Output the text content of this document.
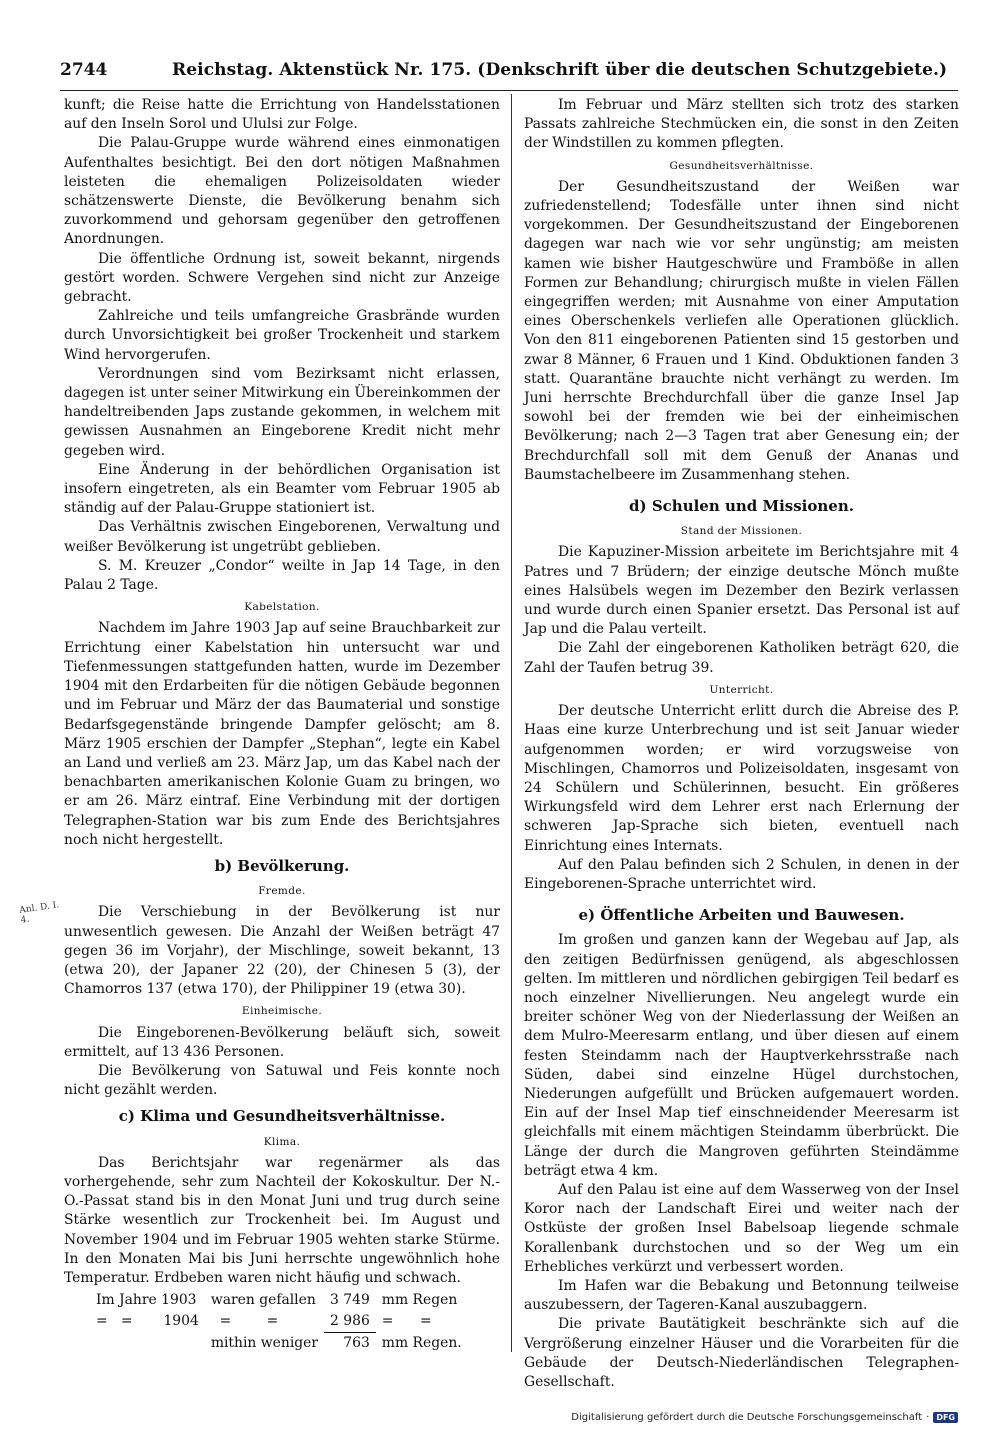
2744	Reichstag. Aktenstück Nr. 175. (Denkschrift über die deutschen Schutzgebiete.)
Anl. D. I. 4.

kunft; die Reise hatte die Errichtung von Handelsstationen auf den Inseln Sorol und Ululsi zur Folge.

Die Palau-Gruppe wurde während eines einmonatigen Aufenthaltes besichtigt. Bei den dort nötigen Maßnahmen leisteten die ehemaligen Polizeisoldaten wieder schätzenswerte Dienste, die Bevölkerung benahm sich zuvorkommend und gehorsam gegenüber den getroffenen Anordnungen.

Die öffentliche Ordnung ist, soweit bekannt, nirgends gestört worden. Schwere Vergehen sind nicht zur Anzeige gebracht.

Zahlreiche und teils umfangreiche Grasbrände wurden durch Unvorsichtigkeit bei großer Trockenheit und starkem Wind hervorgerufen.

Verordnungen sind vom Bezirksamt nicht erlassen, dagegen ist unter seiner Mitwirkung ein Übereinkommen der handeltreibenden Japs zustande gekommen, in welchem mit gewissen Ausnahmen an Eingeborene Kredit nicht mehr gegeben wird.

Eine Änderung in der behördlichen Organisation ist insofern eingetreten, als ein Beamter vom Februar 1905 ab ständig auf der Palau-Gruppe stationiert ist.

Das Verhältnis zwischen Eingeborenen, Verwaltung und weißer Bevölkerung ist ungetrübt geblieben.

S. M. Kreuzer „Condor“ weilte in Jap 14 Tage, in den Palau 2 Tage.

Kabelstation.

Nachdem im Jahre 1903 Jap auf seine Brauchbarkeit zur Errichtung einer Kabelstation hin untersucht war und Tiefenmessungen stattgefunden hatten, wurde im Dezember 1904 mit den Erdarbeiten für die nötigen Gebäude begonnen und im Februar und März der das Baumaterial und sonstige Bedarfsgegenstände bringende Dampfer gelöscht; am 8. März 1905 erschien der Dampfer „Stephan“, legte ein Kabel an Land und verließ am 23. März Jap, um das Kabel nach der benachbarten amerikanischen Kolonie Guam zu bringen, wo er am 26. März eintraf. Eine Verbindung mit der dortigen Telegraphen-Station war bis zum Ende des Berichtsjahres noch nicht hergestellt.

b) Bevölkerung.
Fremde.

Die Verschiebung in der Bevölkerung ist nur unwesentlich gewesen. Die Anzahl der Weißen beträgt 47 gegen 36 im Vorjahr), der Mischlinge, soweit bekannt, 13 (etwa 20), der Japaner 22 (20), der Chinesen 5 (3), der Chamorros 137 (etwa 170), der Philippiner 19 (etwa 30).

Einheimische.

Die Eingeborenen-Bevölkerung beläuft sich, soweit ermittelt, auf 13 436 Personen.

Die Bevölkerung von Satuwal und Feis konnte noch nicht gezählt werden.

c) Klima und Gesundheitsverhältnisse.
Klima.

Das Berichtsjahr war regenärmer als das vorhergehende, sehr zum Nachteil der Kokoskultur. Der N.-O.-Passat stand bis in den Monat Juni und trug durch seine Stärke wesentlich zur Trockenheit bei. Im August und November 1904 und im Februar 1905 wehten starke Stürme. In den Monaten Mai bis Juni herrschte ungewöhnlich hohe Temperatur. Erdbeben waren nicht häufig und schwach.

Im Jahre 1903	waren gefallen	3 749	mm Regen
= = 1904	= =	2 986	= =
	mithin weniger	763	mm Regen.

Im Februar und März stellten sich trotz des starken Passats zahlreiche Stechmücken ein, die sonst in den Zeiten der Windstillen zu kommen pflegten.

Gesundheitsverhältnisse.

Der Gesundheitszustand der Weißen war zufriedenstellend; Todesfälle unter ihnen sind nicht vorgekommen. Der Gesundheitszustand der Eingeborenen dagegen war nach wie vor sehr ungünstig; am meisten kamen wie bisher Hautgeschwüre und Framböße in allen Formen zur Behandlung; chirurgisch mußte in vielen Fällen eingegriffen werden; mit Ausnahme von einer Amputation eines Oberschenkels verliefen alle Operationen glücklich. Von den 811 eingeborenen Patienten sind 15 gestorben und zwar 8 Männer, 6 Frauen und 1 Kind. Obduktionen fanden 3 statt. Quarantäne brauchte nicht verhängt zu werden. Im Juni herrschte Brechdurchfall über die ganze Insel Jap sowohl bei der fremden wie bei der einheimischen Bevölkerung; nach 2—3 Tagen trat aber Genesung ein; der Brechdurchfall soll mit dem Genuß der Ananas und Baumstachelbeere im Zusammenhang stehen.

d) Schulen und Missionen.
Stand der Missionen.

Die Kapuziner-Mission arbeitete im Berichtsjahre mit 4 Patres und 7 Brüdern; der einzige deutsche Mönch mußte eines Halsübels wegen im Dezember den Bezirk verlassen und wurde durch einen Spanier ersetzt. Das Personal ist auf Jap und die Palau verteilt.

Die Zahl der eingeborenen Katholiken beträgt 620, die Zahl der Taufen betrug 39.

Unterricht.

Der deutsche Unterricht erlitt durch die Abreise des P. Haas eine kurze Unterbrechung und ist seit Januar wieder aufgenommen worden; er wird vorzugsweise von Mischlingen, Chamorros und Polizeisoldaten, insgesamt von 24 Schülern und Schülerinnen, besucht. Ein größeres Wirkungsfeld wird dem Lehrer erst nach Erlernung der schweren Jap-Sprache sich bieten, eventuell nach Einrichtung eines Internats.

Auf den Palau befinden sich 2 Schulen, in denen in der Eingeborenen-Sprache unterrichtet wird.

e) Öffentliche Arbeiten und Bauwesen.

Im großen und ganzen kann der Wegebau auf Jap, als den zeitigen Bedürfnissen genügend, als abgeschlossen gelten. Im mittleren und nördlichen gebirgigen Teil bedarf es noch einzelner Nivellierungen. Neu angelegt wurde ein breiter schöner Weg von der Niederlassung der Weißen an dem Mulro-Meeresarm entlang, und über diesen auf einem festen Steindamm nach der Hauptverkehrsstraße nach Süden, dabei sind einzelne Hügel durchstochen, Niederungen aufgefüllt und Brücken aufgemauert worden. Ein auf der Insel Map tief einschneidender Meeresarm ist gleichfalls mit einem mächtigen Steindamm überbrückt. Die Länge der durch die Mangroven geführten Steindämme beträgt etwa 4 km.

Auf den Palau ist eine auf dem Wasserweg von der Insel Koror nach der Landschaft Eirei und weiter nach der Ostküste der großen Insel Babelsoap liegende schmale Korallenbank durchstochen und so der Weg um ein Erhebliches verkürzt und verbessert worden.

Im Hafen war die Bebakung und Betonnung teilweise auszubessern, der Tageren-Kanal auszubaggern.

Die private Bautätigkeit beschränkte sich auf die Vergrößerung einzelner Häuser und die Vorarbeiten für die Gebäude der Deutsch-Niederländischen Telegraphen-Gesellschaft.

Digitalisierung gefördert durch die Deutsche Forschungsgemeinschaft · DFG
